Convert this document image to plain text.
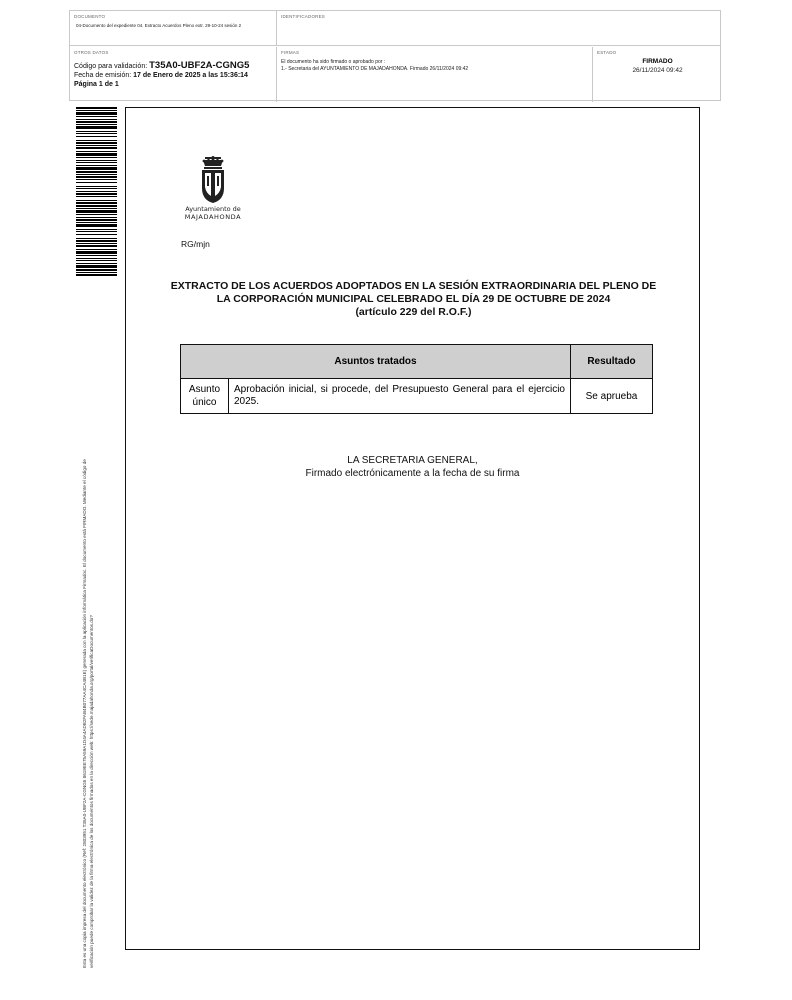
DOCUMENTO
04-Documento del expediente 04. Extracto Acuerdos Pleno extr. 29-10-24 sesión 2
IDENTIFICADORES
OTROS DATOS
Código para validación: T35A0-UBF2A-CGNG5
Fecha de emisión: 17 de Enero de 2025 a las 15:36:14
Página 1 de 1
FIRMAS
El documento ha sido firmado o aprobado por :
1.- Secretaria del AYUNTAMIENTO DE MAJADAHONDA. Firmado 26/11/2024 09:42
ESTADO
FIRMADO
26/11/2024 09:42
Esta es una copia impresa del documento electrónico (Ref: 2803951 T35A0-UBF2A-CGNG5 8619EE75A59A1D4A4ADB2FAB4B077AA4CA4B1E) generada con la aplicación informática Firmadoc. El documento está FIRMADO. Mediante el código de verificación puede comprobar la validez de la firma electrónica de los documentos firmados en la dirección web: https://sede.majadahonda.org/portal/verificaDocumentos.do?
Ayuntamiento de
MAJADAHONDA
RG/mjn
EXTRACTO DE LOS ACUERDOS ADOPTADOS EN LA SESIÓN EXTRAORDINARIA DEL PLENO DE LA CORPORACIÓN MUNICIPAL CELEBRADO EL DÍA 29 DE OCTUBRE DE 2024
(artículo 229 del R.O.F.)
Asuntos tratados		Resultado

Asunto
único	Aprobación inicial, si procede, del Presupuesto General para el ejercicio 2025.	Se aprueba
LA SECRETARIA GENERAL,
Firmado electrónicamente a la fecha de su firma
